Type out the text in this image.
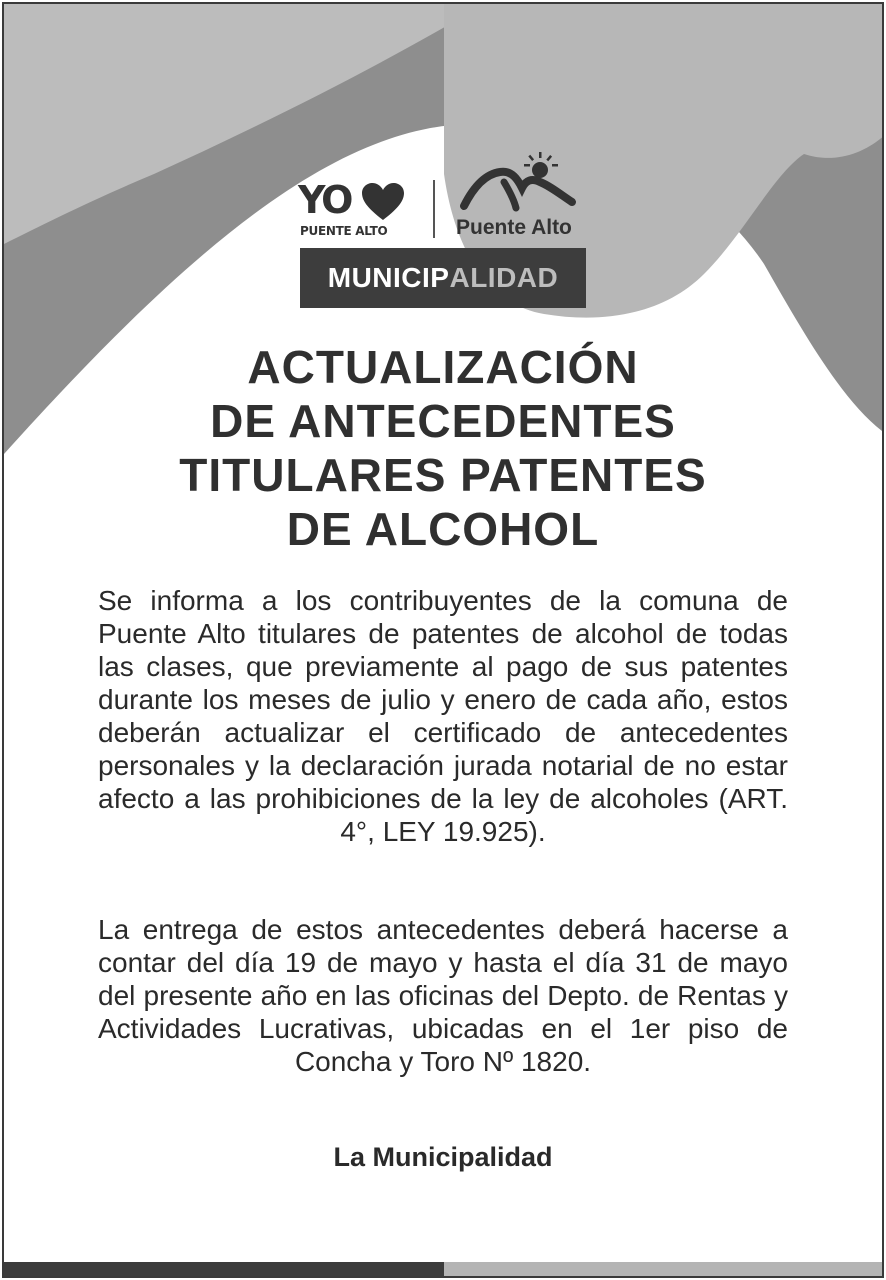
YO
PUENTE ALTO	Puente Alto
MUNICIP ALIDAD
ACTUALIZACIÓN
DE ANTECEDENTES
TITULARES PATENTES
DE ALCOHOL
Se informa a los contribuyentes de la comuna de Puente Alto titulares de patentes de alcohol de todas las clases, que previamente al pago de sus patentes durante los meses de julio y enero de cada año, estos deberán actualizar el certificado de antecedentes personales y la declaración jurada notarial de no estar afecto a las prohibiciones de la ley de alcoholes (ART. 4°, LEY 19.925).
La entrega de estos antecedentes deberá hacerse a contar del día 19 de mayo y hasta el día 31 de mayo del presente año en las oficinas del Depto. de Rentas y Actividades Lucrativas, ubicadas en el 1er piso de Concha y Toro Nº 1820.
La Municipalidad
